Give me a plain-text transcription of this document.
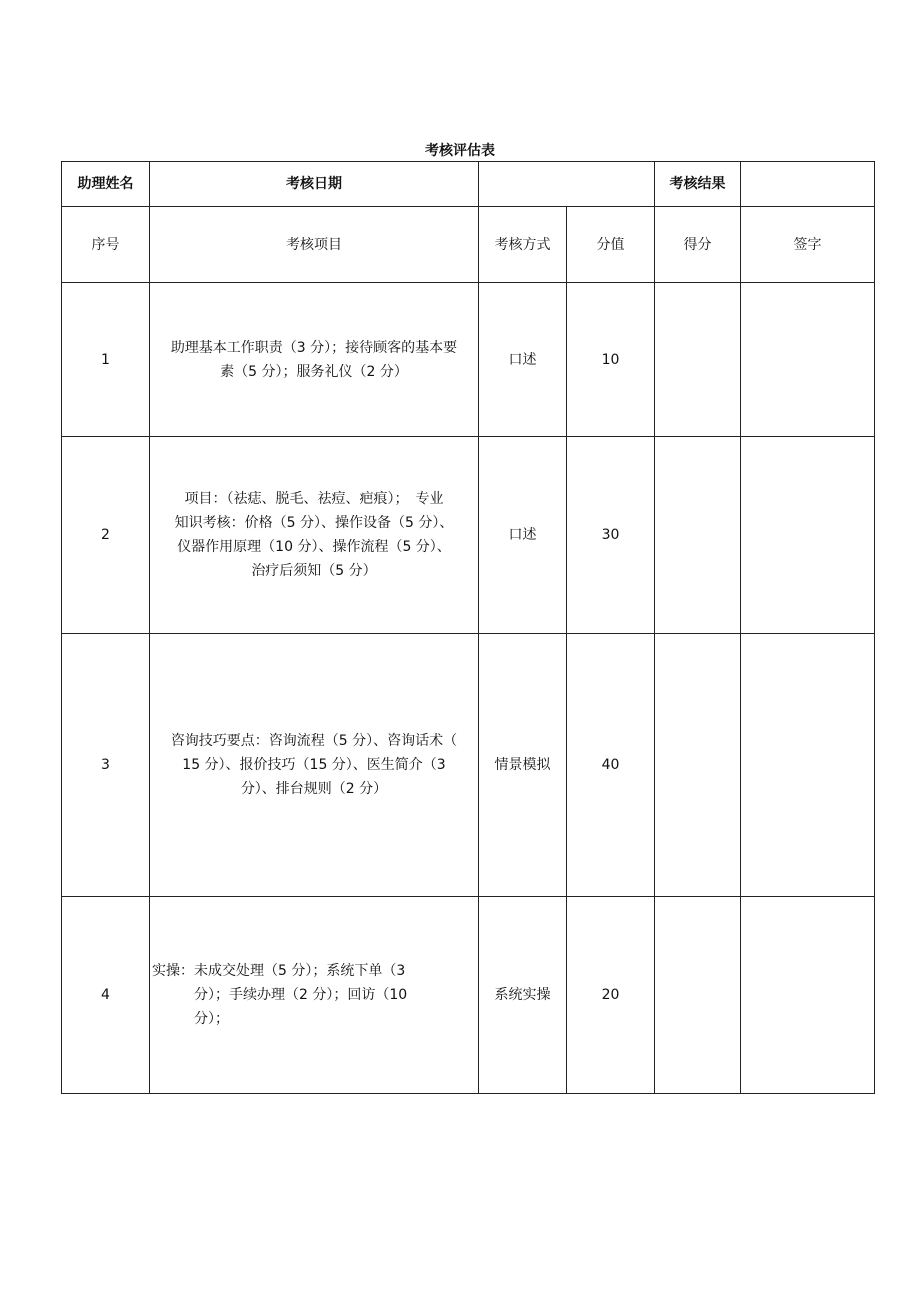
考核评估表
助理姓名	考核日期			考核结果	
序号	考核项目	考核方式	分值	得分	签字
1	助理基本工作职责（3 分）；接待顾客的基本要
素（5 分）；服务礼仪（2 分）	口述	10		
2	项目：（祛痣、脱毛、祛痘、疤痕）；　专业
知识考核：价格（5 分）、操作设备（5 分）、
仪器作用原理（10 分）、操作流程（5 分）、
治疗后须知（5 分）	口述	30		
3	咨询技巧要点：咨询流程（5 分）、咨询话术（
15 分）、报价技巧（15 分）、医生简介（3
分）、排台规则（2 分）	情景模拟	40		
4	实操：未成交处理（5 分）；系统下单（3
分）；手续办理（2 分）；回访（10
分）；	系统实操	20		
